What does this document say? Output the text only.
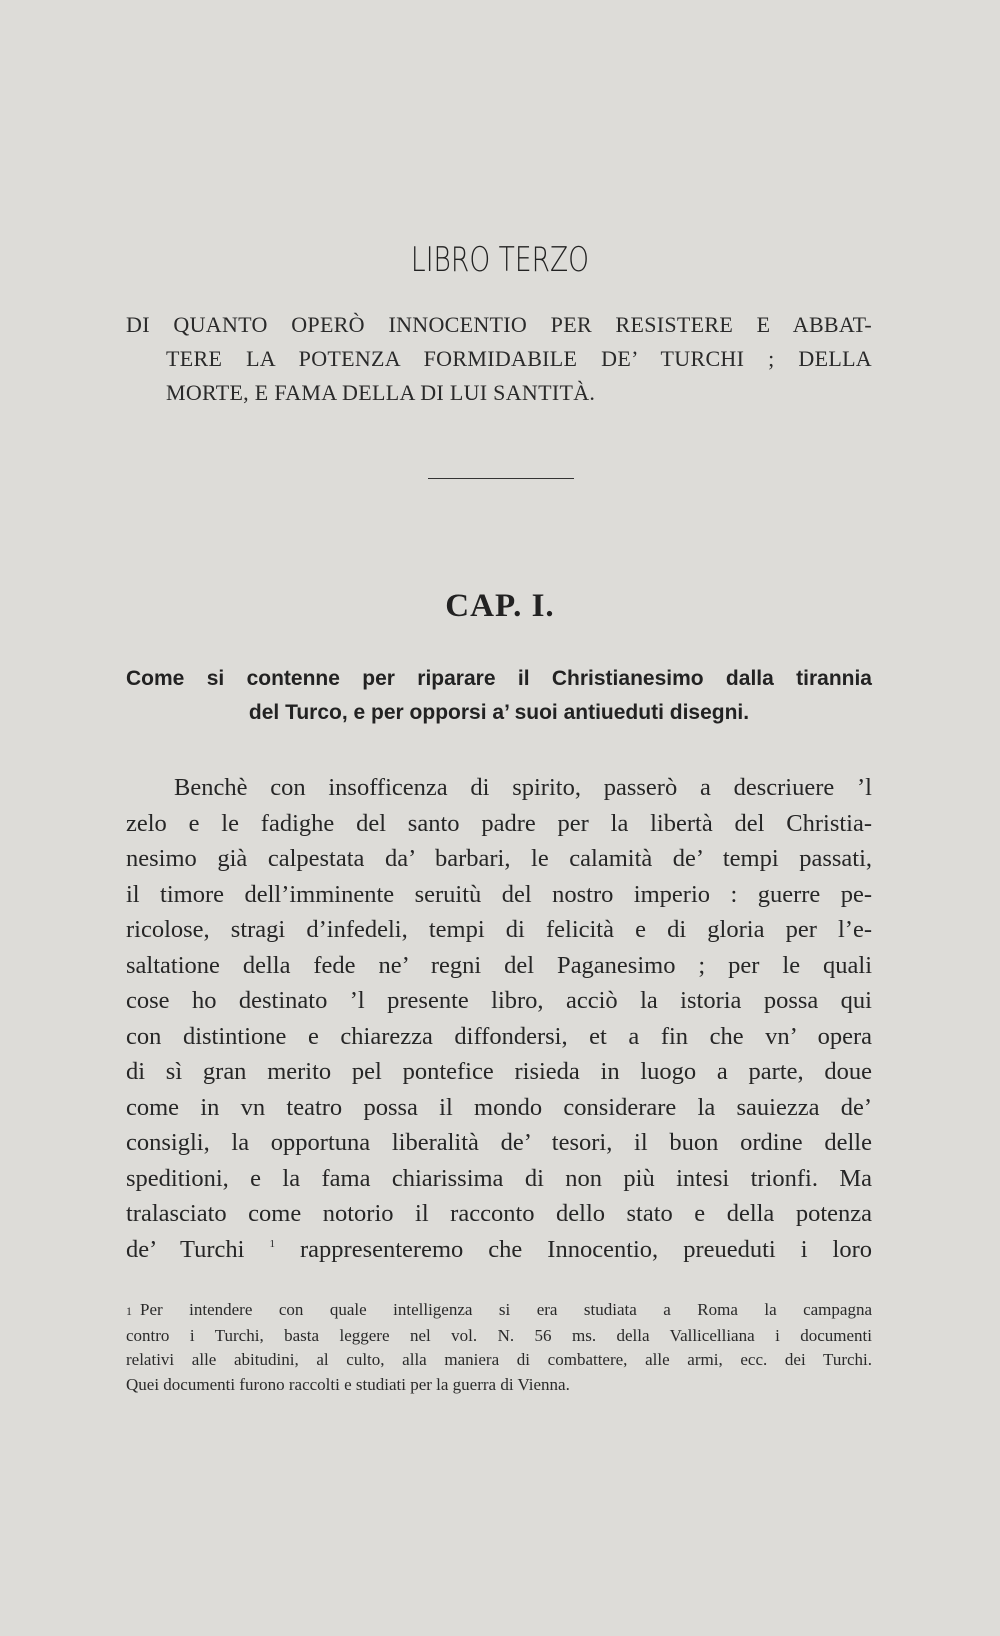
LIBRO TERZO

DI QUANTO OPERÒ INNOCENTIO PER RESISTERE E ABBAT-
TERE LA POTENZA FORMIDABILE DE’ TURCHI ; DELLA
MORTE, E FAMA DELLA DI LUI SANTITÀ.

CAP. I.

Come si contenne per riparare il Christianesimo dalla tirannia
del Turco, e per opporsi a’ suoi antiueduti disegni.

Benchè con insofficenza di spirito, passerò a descriuere ’l
zelo e le fadighe del santo padre per la libertà del Christia-
nesimo già calpestata da’ barbari, le calamità de’ tempi passati,
il timore dell’imminente seruitù del nostro imperio : guerre pe-
ricolose, stragi d’infedeli, tempi di felicità e di gloria per l’e-
saltatione della fede ne’ regni del Paganesimo ; per le quali
cose ho destinato ’l presente libro, acciò la istoria possa qui
con distintione e chiarezza diffondersi, et a fin che vn’ opera
di sì gran merito pel pontefice risieda in luogo a parte, doue
come in vn teatro possa il mondo considerare la sauiezza de’
consigli, la opportuna liberalità de’ tesori, il buon ordine delle
speditioni, e la fama chiarissima di non più intesi trionfi. Ma
tralasciato come notorio il racconto dello stato e della potenza
de’ Turchi $^1$ rappresenteremo che Innocentio, preueduti i loro
1 Per intendere con quale intelligenza si era studiata a Roma la campagna
contro i Turchi, basta leggere nel vol. N. 56 ms. della Vallicelliana i documenti
relativi alle abitudini, al culto, alla maniera di combattere, alle armi, ecc. dei Turchi.
Quei documenti furono raccolti e studiati per la guerra di Vienna.
